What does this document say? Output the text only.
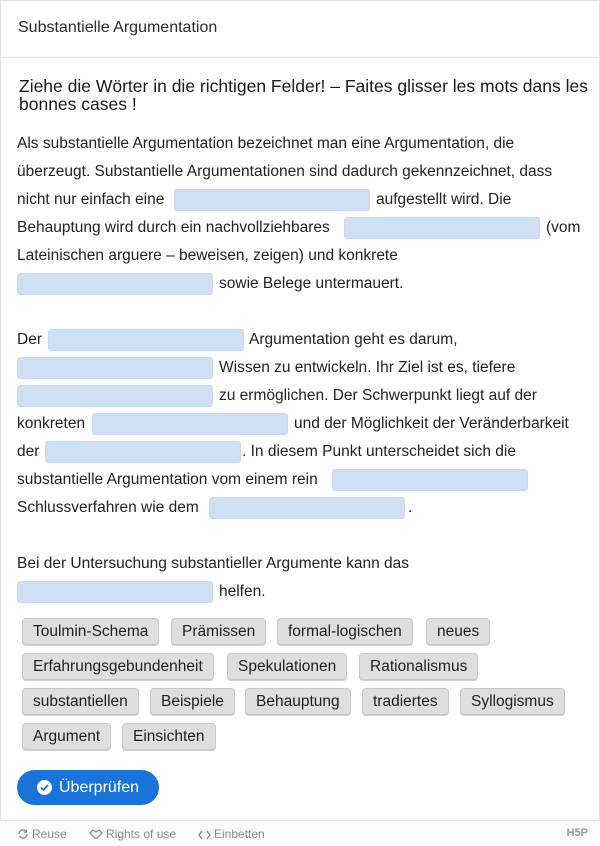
Substantielle Argumentation
Ziehe die Wörter in die richtigen Felder! – Faites glisser les mots dans les bonnes cases !
Als substantielle Argumentation bezeichnet man eine Argumentation, die
überzeugt. Substantielle Argumentationen sind dadurch gekennzeichnet, dass
nicht nur einfach eine	aufgestellt wird. Die
Behauptung wird durch ein nachvollziehbares	(vom
Lateinischen arguere – beweisen, zeigen) und konkrete
sowie Belege untermauert.
Der	Argumentation geht es darum,
Wissen zu entwickeln. Ihr Ziel ist es, tiefere
zu ermöglichen. Der Schwerpunkt liegt auf der
konkreten	und der Möglichkeit der Veränderbarkeit
der	. In diesem Punkt unterscheidet sich die
substantielle Argumentation vom einem rein
Schlussverfahren wie dem	.
Bei der Untersuchung substantieller Argumente kann das
helfen.
Toulmin-Schema	Prämissen	formal-logischen	neues
Erfahrungsgebundenheit	Spekulationen	Rationalismus
substantiellen	Beispiele	Behauptung	tradiertes	Syllogismus
Argument	Einsichten
Überprüfen
Reuse	Rights of use	Einbetten	H5P
